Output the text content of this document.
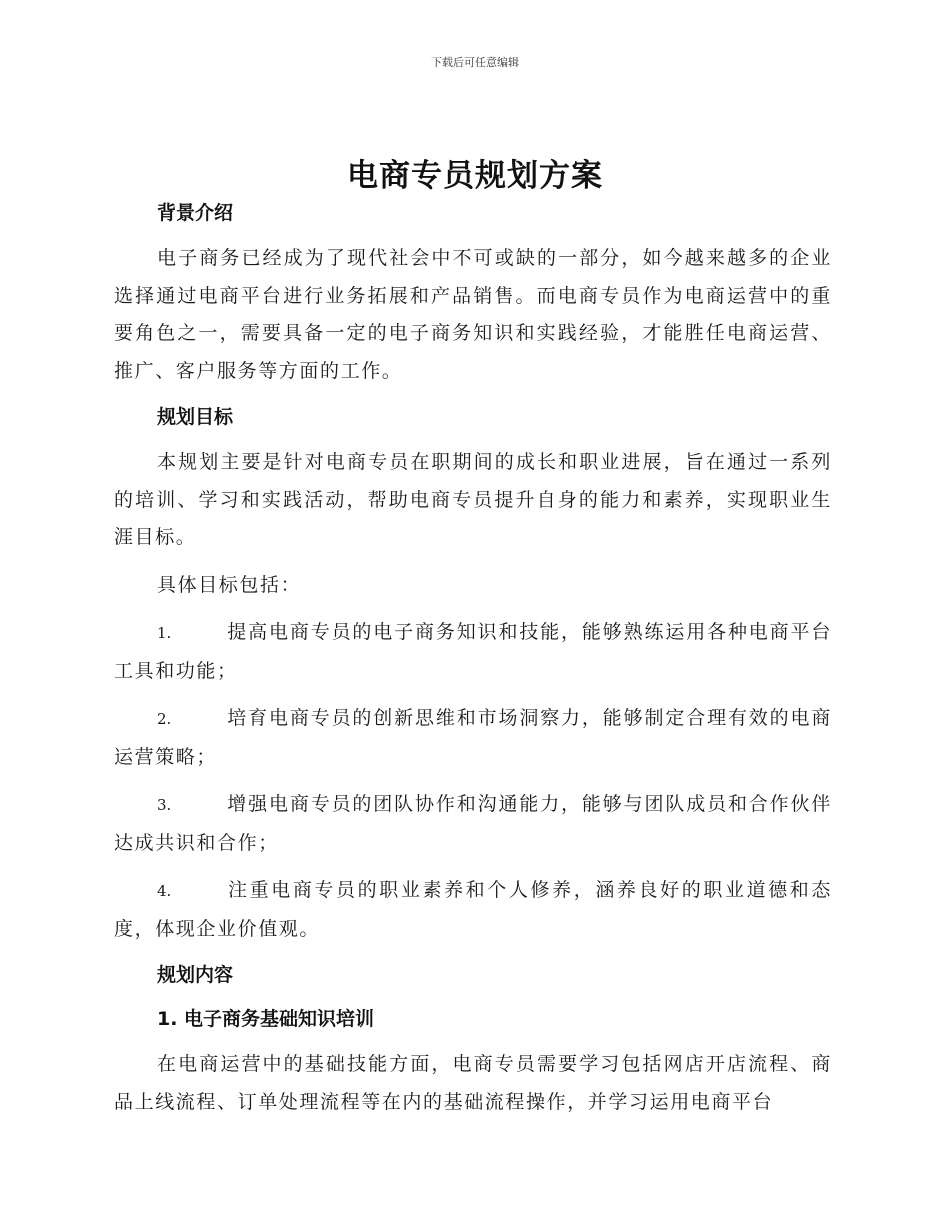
下载后可任意编辑
电商专员规划方案
背景介绍
电子商务已经成为了现代社会中不可或缺的一部分，如今越来越多的企业选择通过电商平台进行业务拓展和产品销售。而电商专员作为电商运营中的重要角色之一，需要具备一定的电子商务知识和实践经验，才能胜任电商运营、推广、客户服务等方面的工作。
规划目标
本规划主要是针对电商专员在职期间的成长和职业进展，旨在通过一系列的培训、学习和实践活动，帮助电商专员提升自身的能力和素养，实现职业生涯目标。
具体目标包括：
1.	提高电商专员的电子商务知识和技能，能够熟练运用各种电商平台工具和功能；
2.	培育电商专员的创新思维和市场洞察力，能够制定合理有效的电商运营策略；
3.	增强电商专员的团队协作和沟通能力，能够与团队成员和合作伙伴达成共识和合作；
4.	注重电商专员的职业素养和个人修养，涵养良好的职业道德和态度，体现企业价值观。
规划内容
1. 电子商务基础知识培训
在电商运营中的基础技能方面，电商专员需要学习包括网店开店流程、商品上线流程、订单处理流程等在内的基础流程操作，并学习运用电商平台
